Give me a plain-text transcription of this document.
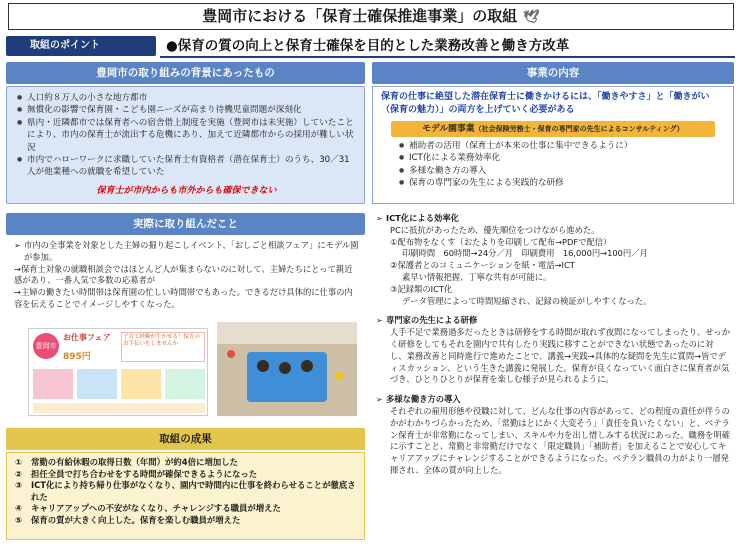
豊岡市における「保育士確保推進事業」の取組 🕊
取組のポイント	●保育の質の向上と保育士確保を目的とした業務改善と働き方改革
豊岡市の取り組みの背景にあったもの
● 人口約８万人の小さな地方都市
● 無償化の影響で保育園・こども園ニーズが高まり待機児童問題が深刻化
● 県内・近隣都市では保育者への宿舎借上制度を実施（豊岡市は未実施）していたことにより、市内の保育士が流出する危機にあり、加えて近隣都市からの採用が難しい状況
● 市内でハローワークに求職していた保育士有資格者（潜在保育士）のうち、30／31人が他業種への就職を希望していた
保育士が市内からも市外からも確保できない
事業の内容
保育の仕事に絶望した潜在保育士に働きかけるには、「働きやすさ」と「働きがい（保育の魅力）」の両方を上げていく必要がある
モデル園事業（社会保険労務士・保育の専門家の先生によるコンサルティング）
● 補助者の活用（保育士が本来の仕事に集中できるように）
● ICT化による業務効率化
● 多様な働き方の導入
● 保育の専門家の先生による実践的な研修
実際に取り組んだこと
➢ 市内の全事業を対象とした主婦の掘り起こしイベント、「おしごと相談フェア」にモデル園が参加。
→保育士対象の就職相談会ではほとんど人が集まらないのに対して、主婦たちにとって親近感があり、一番人気で多数の応募者が
→主婦の働きたい時間帯は保育園の忙しい時間帯でもあった。できるだけ具体的に仕事の内容を伝えることでイメージしやすくなった。
豊岡市
お仕事フェア
895円
子育て経験が生かせる！保育のお手伝いをしませんか
取組の成果
① 常勤の有給休暇の取得日数（年間）が約4倍に増加した
② 担任全員で打ち合わせをする時間が確保できるようになった
③ ICT化により持ち帰り仕事がなくなり、園内で時間内に仕事を終わらせることが徹底された
④ キャリアアップへの不安がなくなり、チャレンジする職員が増えた
⑤ 保育の質が大きく向上した。保育を楽しむ職員が増えた
➢ ICT化による効率化
PCに抵抗があったため、優先順位をつけながら進めた。
①配布物をなくす（おたよりを印刷して配布→PDFで配信）
印刷時間　60時間→24分／月　印刷費用　16,000円→100円／月
②保護者とのコミュニケーションを紙・電話→ICT
素早い情報把握、丁寧な共有が可能に。
③記録類のICT化
データ管理によって時間短縮され、記録の検証がしやすくなった。
➢ 専門家の先生による研修
人手不足で業務過多だったときは研修をする時間が取れず夜間になってしまったり、せっかく研修をしてもそれを園内で共有したり実践に移すことができない状態であったのに対し、業務改善と同時進行で進めたことで、講義→実践→具体的な疑問を先生に質問→皆でディスカッション、という生きた講義に発展した。保育が良くなっていく面白さに保育者が気づき、ひとりひとりが保育を楽しむ様子が見られるように。
➢ 多様な働き方の導入
それぞれの雇用形態や役職に対して、どんな仕事の内容があって、どの程度の責任が伴うのかがわかりづらかったため、「常勤はとにかく大変そう」「責任を負いたくない」と、ベテラン保育士が非常勤になってしまい、スキルや力を出し惜しみする状況にあった。職務を明確に示すことと、常勤と非常勤だけでなく「限定職員」「補助者」を加えることで安心してキャリアアップにチャレンジすることができるようになった。ベテラン職員の力がより一層発揮され、全体の質が向上した。
